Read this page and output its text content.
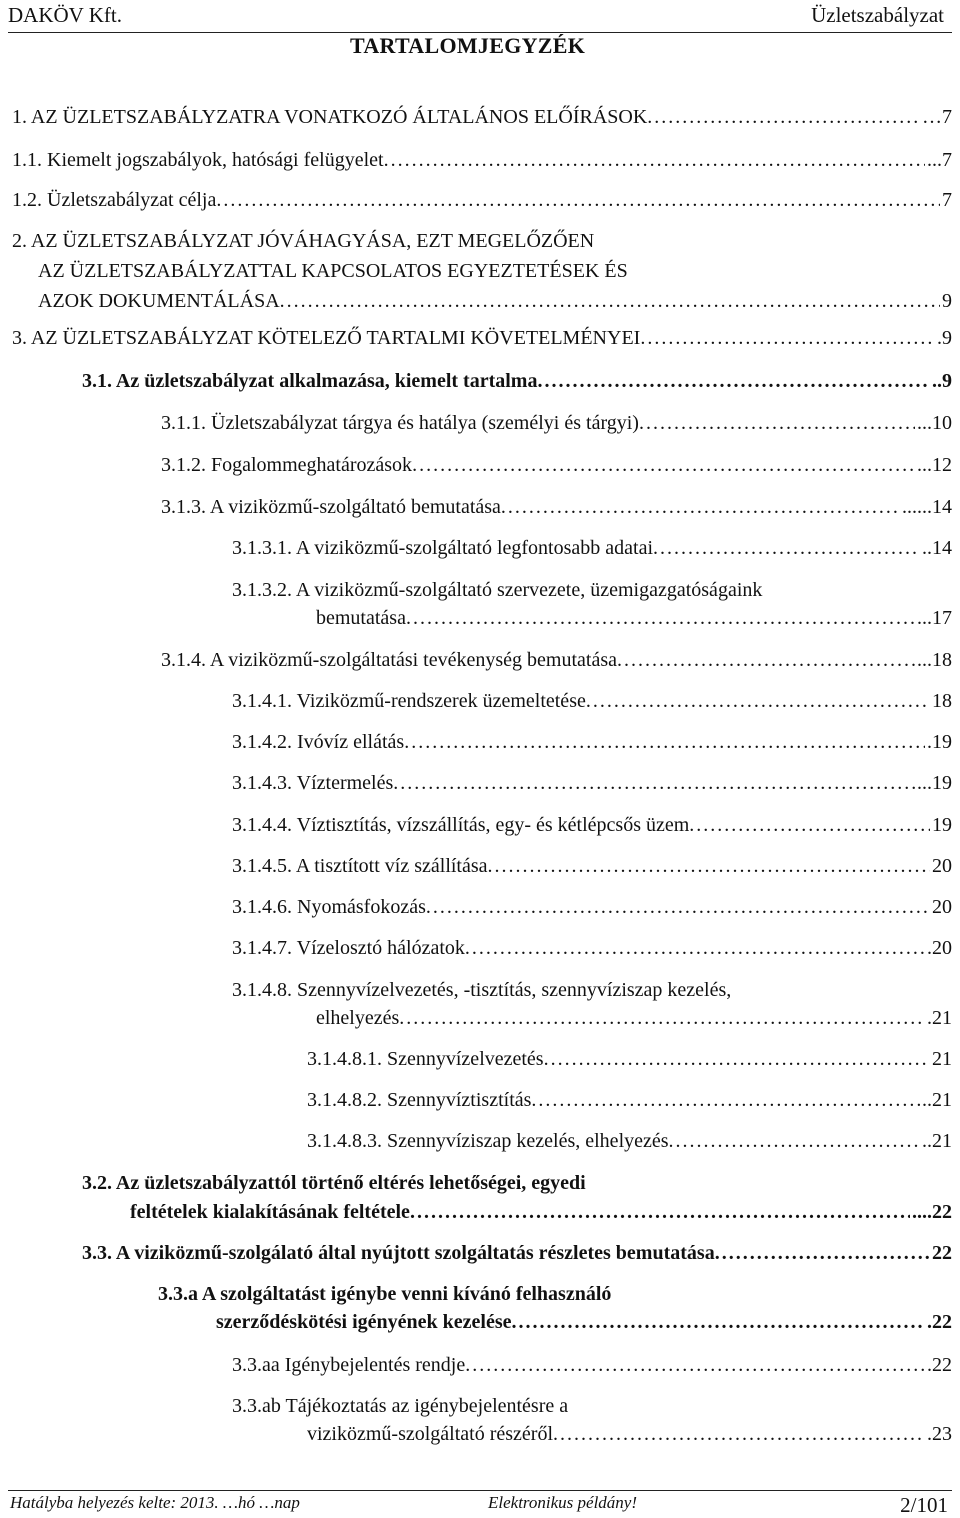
DAKÖV Kft.	Üzletszabályzat
TARTALOMJEGYZÉK
1. AZ ÜZLETSZABÁLYZATRA VONATKOZÓ ÁLTALÁNOS ELŐÍRÁSOK .....	…7
1.1. Kiemelt jogszabályok, hatósági felügyelet .....	...7
1.2. Üzletszabályzat célja .....	7
2. AZ ÜZLETSZABÁLYZAT JÓVÁHAGYÁSA, EZT MEGELŐZŐEN
AZ ÜZLETSZABÁLYZATTAL KAPCSOLATOS EGYEZTETÉSEK ÉS
AZOK DOKUMENTÁLÁSA .....	9
3. AZ ÜZLETSZABÁLYZAT KÖTELEZŐ TARTALMI KÖVETELMÉNYEI .....	.9
3.1. Az üzletszabályzat alkalmazása, kiemelt tartalma .....	..9
3.1.1. Üzletszabályzat tárgya és hatálya (személyi és tárgyi) .....	...10
3.1.2. Fogalommeghatározások .....	...12
3.1.3. A viziközmű-szolgáltató bemutatása .....	......14
3.1.3.1. A viziközmű-szolgáltató legfontosabb adatai .....	..14
3.1.3.2. A viziközmű-szolgáltató szervezete, üzemigazgatóságaink
bemutatása .....	...17
3.1.4. A viziközmű-szolgáltatási tevékenység bemutatása .....	...18
3.1.4.1. Viziközmű-rendszerek üzemeltetése .....	18
3.1.4.2. Ivóvíz ellátás .....	.19
3.1.4.3. Víztermelés .....	...19
3.1.4.4. Víztisztítás, vízszállítás, egy- és kétlépcsős üzem .....	19
3.1.4.5. A tisztított víz szállítása .....	20
3.1.4.6. Nyomásfokozás .....	20
3.1.4.7. Vízelosztó hálózatok .....	.20
3.1.4.8. Szennyvízelvezetés, -tisztítás, szennyvíziszap kezelés,
elhelyezés .....	.21
3.1.4.8.1. Szennyvízelvezetés .....	21
3.1.4.8.2. Szennyvíztisztítás .....	..21
3.1.4.8.3. Szennyvíziszap kezelés, elhelyezés .....	..21
3.2. Az üzletszabályzattól történő eltérés lehetőségei, egyedi
feltételek kialakításának feltétele .....	....22
3.3. A viziközmű-szolgálató által nyújtott szolgáltatás részletes bemutatása .....	22
3.3.a A szolgáltatást igénybe venni kívánó felhasználó
szerződéskötési igényének kezelése .....	.22
3.3.aa Igénybejelentés rendje .....	.22
3.3.ab Tájékoztatás az igénybejelentésre a
viziközmű-szolgáltató részéről .....	.23
Hatályba helyezés kelte: 2013. …hó …nap	Elektronikus példány!	2/101
